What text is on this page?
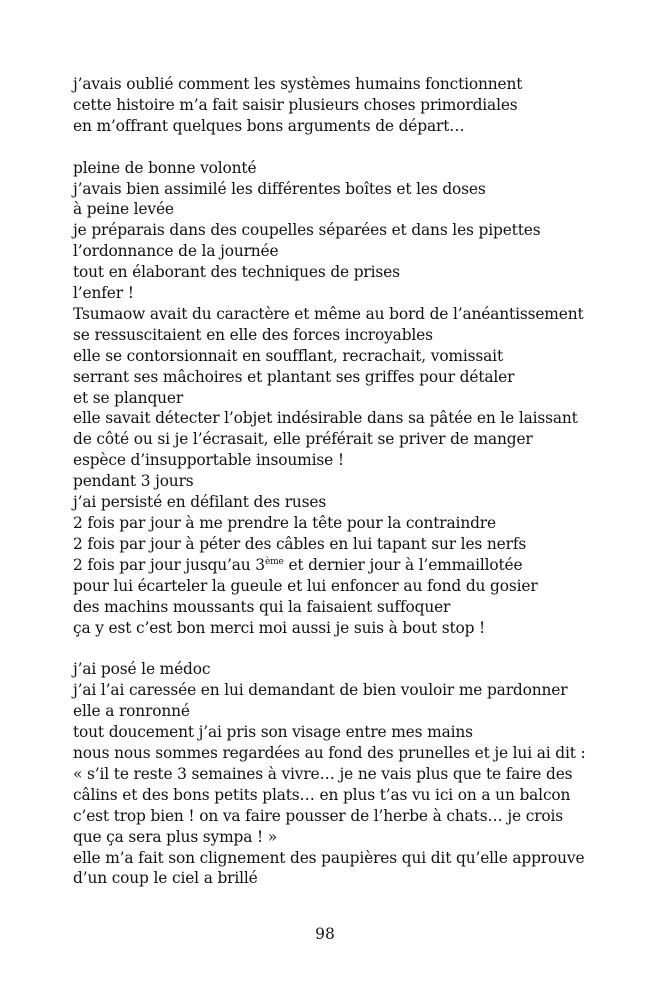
j’avais oublié comment les systèmes humains fonctionnent
cette histoire m’a fait saisir plusieurs choses primordiales
en m’offrant quelques bons arguments de départ…
pleine de bonne volonté
j’avais bien assimilé les différentes boîtes et les doses
à peine levée
je préparais dans des coupelles séparées et dans les pipettes
l’ordonnance de la journée
tout en élaborant des techniques de prises
l’enfer !
Tsumaow avait du caractère et même au bord de l’anéantissement
se ressuscitaient en elle des forces incroyables
elle se contorsionnait en soufflant, recrachait, vomissait
serrant ses mâchoires et plantant ses griffes pour détaler
et se planquer
elle savait détecter l’objet indésirable dans sa pâtée en le laissant
de côté ou si je l’écrasait, elle préférait se priver de manger
espèce d’insupportable insoumise !
pendant 3 jours
j’ai persisté en défilant des ruses
2 fois par jour à me prendre la tête pour la contraindre
2 fois par jour à péter des câbles en lui tapant sur les nerfs
2 fois par jour jusqu’au 3ème et dernier jour à l’emmaillotée
pour lui écarteler la gueule et lui enfoncer au fond du gosier
des machins moussants qui la faisaient suffoquer
ça y est c’est bon merci moi aussi je suis à bout stop !
j’ai posé le médoc
j’ai l’ai caressée en lui demandant de bien vouloir me pardonner
elle a ronronné
tout doucement j’ai pris son visage entre mes mains
nous nous sommes regardées au fond des prunelles et je lui ai dit :
« s’il te reste 3 semaines à vivre… je ne vais plus que te faire des
câlins et des bons petits plats… en plus t’as vu ici on a un balcon
c’est trop bien ! on va faire pousser de l’herbe à chats… je crois
que ça sera plus sympa ! »
elle m’a fait son clignement des paupières qui dit qu’elle approuve
d’un coup le ciel a brillé
98
